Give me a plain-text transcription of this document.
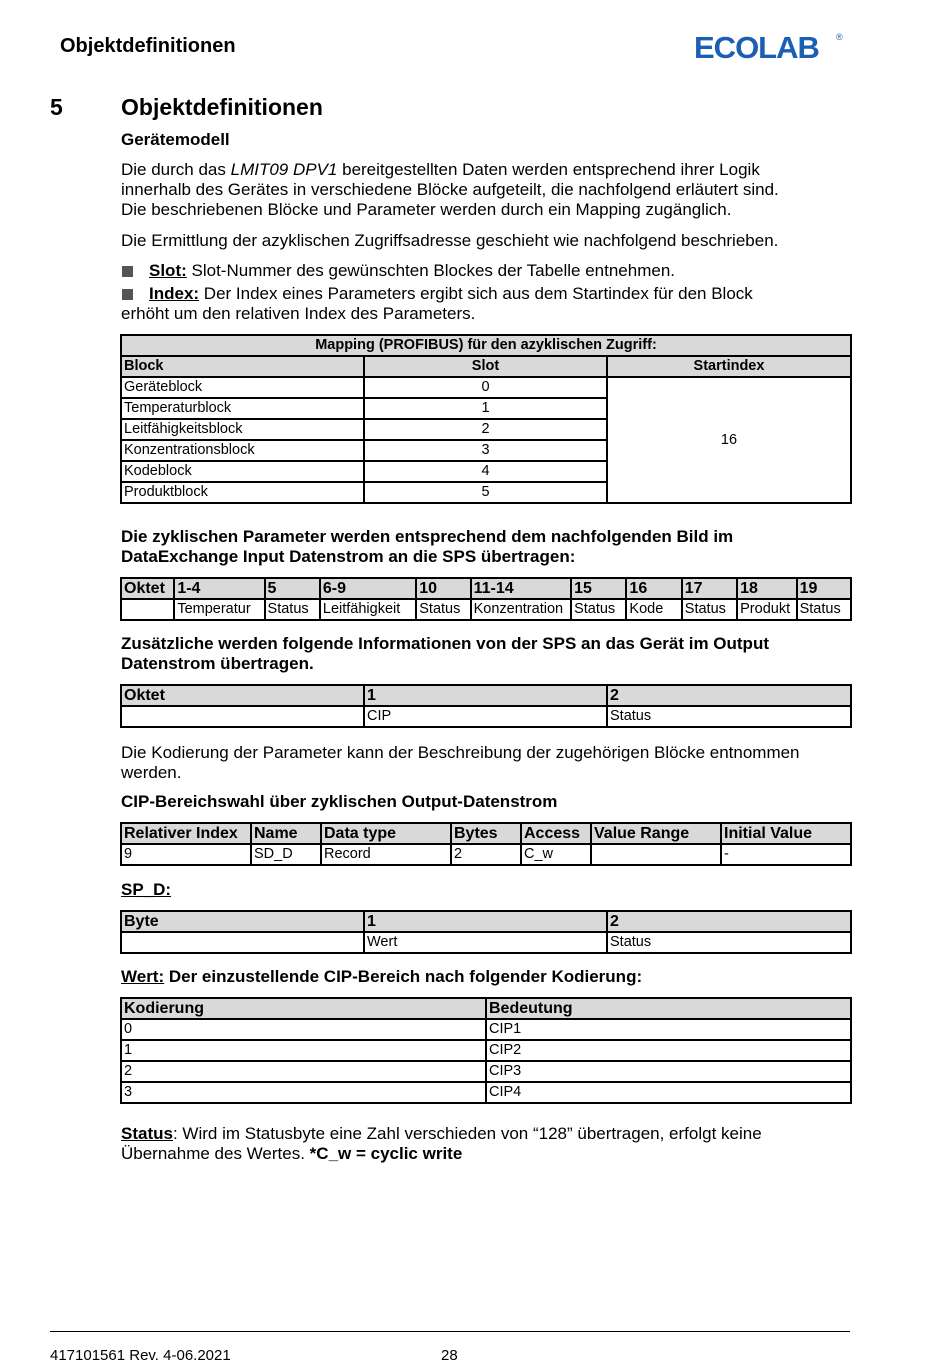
Objektdefinitionen	ECOLAB ®
5	Objektdefinitionen
Gerätemodell
Die durch das LMIT09 DPV1 bereitgestellten Daten werden entsprechend ihrer Logik
innerhalb des Gerätes in verschiedene Blöcke aufgeteilt, die nachfolgend erläutert sind.
Die beschriebenen Blöcke und Parameter werden durch ein Mapping zugänglich.
Die Ermittlung der azyklischen Zugriffsadresse geschieht wie nachfolgend beschrieben.
Slot: Slot-Nummer des gewünschten Blockes der Tabelle entnehmen.
Index: Der Index eines Parameters ergibt sich aus dem Startindex für den Block
erhöht um den relativen Index des Parameters.
Mapping (PROFIBUS) für den azyklischen Zugriff:		
Block	Slot	Startindex
Geräteblock	0	16
Temperaturblock	1	
Leitfähigkeitsblock	2	
Konzentrationsblock	3	
Kodeblock	4	
Produktblock	5	
Die zyklischen Parameter werden entsprechend dem nachfolgenden Bild im
DataExchange Input Datenstrom an die SPS übertragen:
Oktet	1-4	5	6-9	10	11-14	15	16	17	18	19
	Temperatur	Status	Leitfähigkeit	Status	Konzentration	Status	Kode	Status	Produkt	Status
Zusätzliche werden folgende Informationen von der SPS an das Gerät im Output
Datenstrom übertragen.
Oktet	1	2
	CIP	Status
Die Kodierung der Parameter kann der Beschreibung der zugehörigen Blöcke entnommen
werden.
CIP-Bereichswahl über zyklischen Output-Datenstrom
Relativer Index	Name	Data type	Bytes	Access	Value Range	Initial Value
9	SD_D	Record	2	C_w		-
SP_D:
Byte	1	2
	Wert	Status
Wert: Der einzustellende CIP-Bereich nach folgender Kodierung:
Kodierung	Bedeutung
0	CIP1
1	CIP2
2	CIP3
3	CIP4
Status: Wird im Statusbyte eine Zahl verschieden von “128” übertragen, erfolgt keine
Übernahme des Wertes. *C_w = cyclic write
417101561 Rev. 4-06.2021	28
